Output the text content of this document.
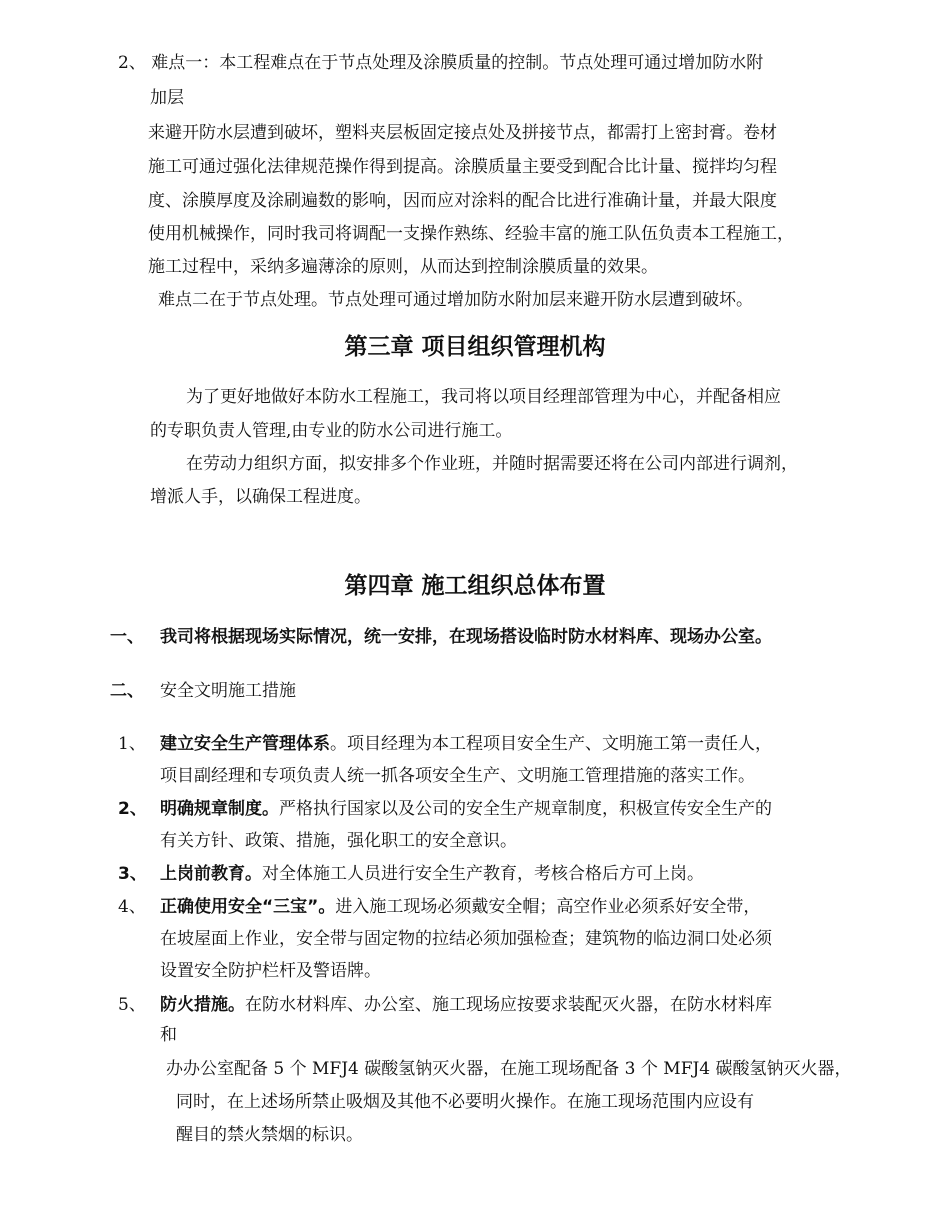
2、 难点一：本工程难点在于节点处理及涂膜质量的控制。节点处理可通过增加防水附
加层
来避开防水层遭到破坏，塑料夹层板固定接点处及拼接节点，都需打上密封膏。卷材
施工可通过强化法律规范操作得到提高。涂膜质量主要受到配合比计量、搅拌均匀程
度、涂膜厚度及涂刷遍数的影响，因而应对涂料的配合比进行准确计量，并最大限度
使用机械操作，同时我司将调配一支操作熟练、经验丰富的施工队伍负责本工程施工，
施工过程中，采纳多遍薄涂的原则，从而达到控制涂膜质量的效果。
难点二在于节点处理。节点处理可通过增加防水附加层来避开防水层遭到破坏。
第三章 项目组织管理机构
为了更好地做好本防水工程施工，我司将以项目经理部管理为中心，并配备相应
的专职负责人管理,由专业的防水公司进行施工。
在劳动力组织方面，拟安排多个作业班，并随时据需要还将在公司内部进行调剂，
增派人手，以确保工程进度。
第四章 施工组织总体布置
一、 我司将根据现场实际情况，统一安排，在现场搭设临时防水材料库、现场办公室。
二、 安全文明施工措施
1、 建立安全生产管理体系。项目经理为本工程项目安全生产、文明施工第一责任人，
项目副经理和专项负责人统一抓各项安全生产、文明施工管理措施的落实工作。
2、 明确规章制度。严格执行国家以及公司的安全生产规章制度，积极宣传安全生产的
有关方针、政策、措施，强化职工的安全意识。
3、 上岗前教育。对全体施工人员进行安全生产教育，考核合格后方可上岗。
4、 正确使用安全“三宝”。进入施工现场必须戴安全帽；高空作业必须系好安全带，
在坡屋面上作业，安全带与固定物的拉结必须加强检查；建筑物的临边洞口处必须
设置安全防护栏杆及警语牌。
5、 防火措施。在防水材料库、办公室、施工现场应按要求装配灭火器，在防水材料库
和
办办公室配备 5 个 MFJ4 碳酸氢钠灭火器，在施工现场配备 3 个 MFJ4 碳酸氢钠灭火器，
同时，在上述场所禁止吸烟及其他不必要明火操作。在施工现场范围内应设有
醒目的禁火禁烟的标识。
